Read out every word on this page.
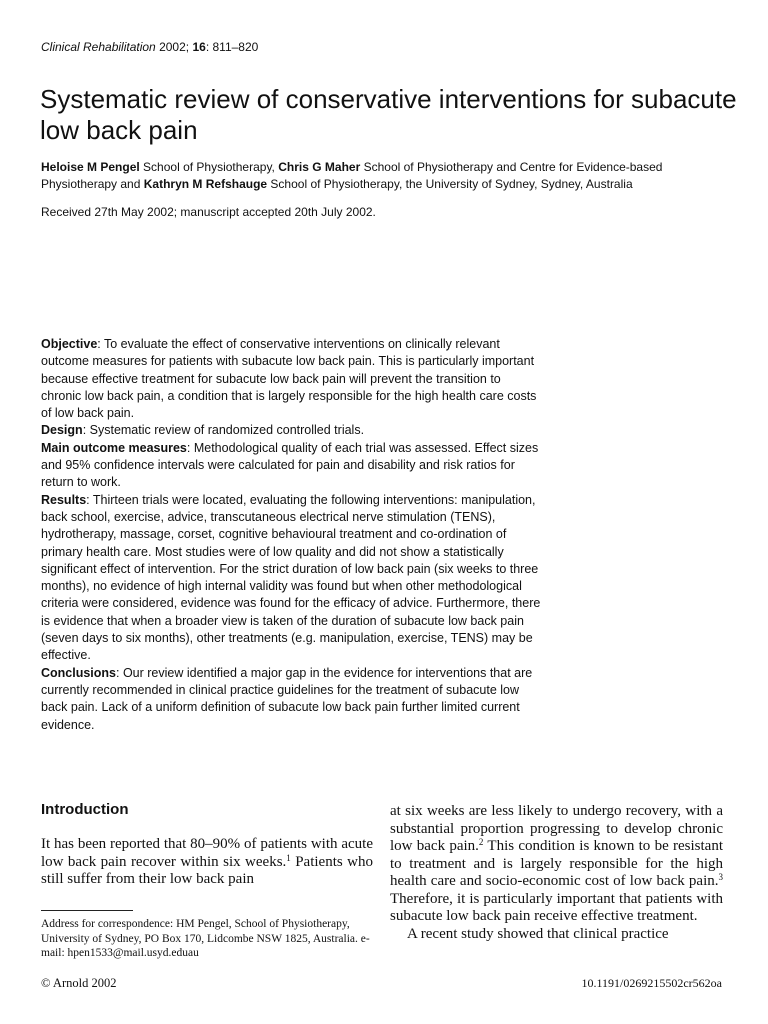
Clinical Rehabilitation 2002; 16: 811–820
Systematic review of conservative interventions for subacute low back pain
Heloise M Pengel School of Physiotherapy, Chris G Maher School of Physiotherapy and Centre for Evidence-based Physiotherapy and Kathryn M Refshauge School of Physiotherapy, the University of Sydney, Sydney, Australia
Received 27th May 2002; manuscript accepted 20th July 2002.

Objective: To evaluate the effect of conservative interventions on clinically relevant outcome measures for patients with subacute low back pain. This is particularly important because effective treatment for subacute low back pain will prevent the transition to chronic low back pain, a condition that is largely responsible for the high health care costs of low back pain.

Design: Systematic review of randomized controlled trials.

Main outcome measures: Methodological quality of each trial was assessed. Effect sizes and 95% confidence intervals were calculated for pain and disability and risk ratios for return to work.

Results: Thirteen trials were located, evaluating the following interventions: manipulation, back school, exercise, advice, transcutaneous electrical nerve stimulation (TENS), hydrotherapy, massage, corset, cognitive behavioural treatment and co-ordination of primary health care. Most studies were of low quality and did not show a statistically significant effect of intervention. For the strict duration of low back pain (six weeks to three months), no evidence of high internal validity was found but when other methodological criteria were considered, evidence was found for the efficacy of advice. Furthermore, there is evidence that when a broader view is taken of the duration of subacute low back pain (seven days to six months), other treatments (e.g. manipulation, exercise, TENS) may be effective.

Conclusions: Our review identified a major gap in the evidence for interventions that are currently recommended in clinical practice guidelines for the treatment of subacute low back pain. Lack of a uniform definition of subacute low back pain further limited current evidence.

Introduction

It has been reported that 80–90% of patients with acute low back pain recover within six weeks.$^1$ Patients who still suffer from their low back pain

Address for correspondence: HM Pengel, School of Physiotherapy, University of Sydney, PO Box 170, Lidcombe NSW 1825, Australia. e-mail: hpen1533@mail.usyd.eduau
at six weeks are less likely to undergo recovery, with a substantial proportion progressing to develop chronic low back pain.$^2$ This condition is known to be resistant to treatment and is largely responsible for the high health care and socio-economic cost of low back pain.$^3$ Therefore, it is particularly important that patients with subacute low back pain receive effective treatment.
A recent study showed that clinical practice
© Arnold 2002	10.1191/0269215502cr562oa
